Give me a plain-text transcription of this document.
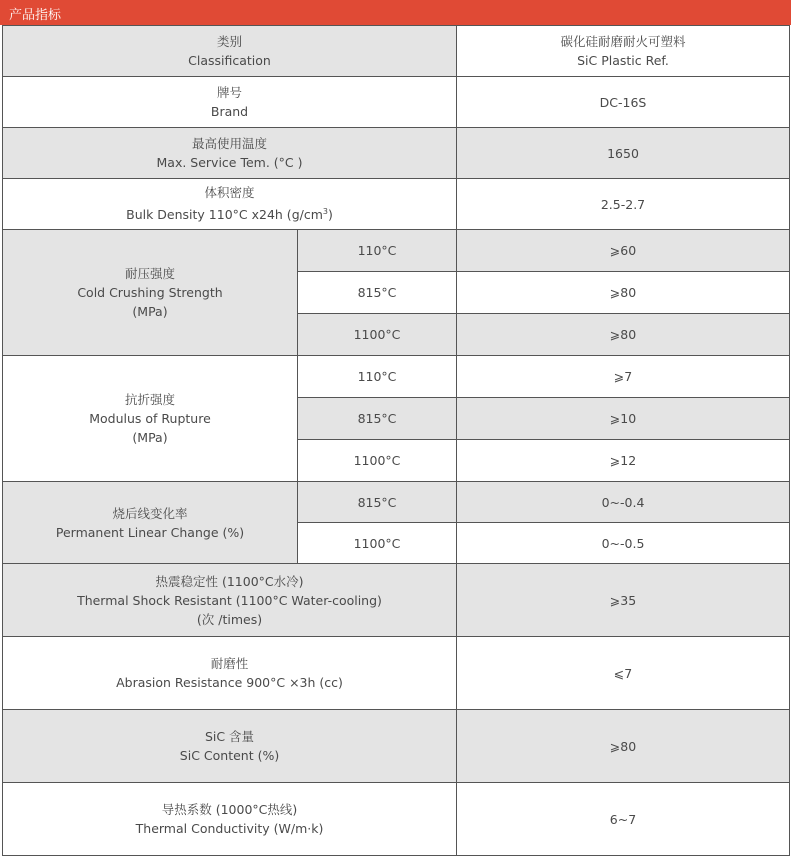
产品指标
类别
Classification		碳化硅耐磨耐火可塑料
SiC Plastic Ref.

牌号
Brand		DC-16S

最高使用温度
Max. Service Tem. (°C )		1650

体积密度
Bulk Density 110°C x24h $(g/cm^3)$		2.5-2.7

耐压强度
Cold Crushing Strength
(MPa)	110°C	⩾60
	815°C	⩾80
	1100°C	⩾80

抗折强度
Modulus of Rupture
(MPa)	110°C	⩾7
	815°C	⩾10
	1100°C	⩾12

烧后线变化率
Permanent Linear Change (%)	815°C	0~-0.4
	1100°C	0~-0.5

热震稳定性 (1100°C水冷)
Thermal Shock Resistant (1100°C Water-cooling)
(次 /times)		⩾35

耐磨性
Abrasion Resistance 900°C ×3h (cc)		⩽7

SiC 含量
SiC Content (%)		⩾80

导热系数 (1000°C热线)
Thermal Conductivity (W/m·k)		6~7
